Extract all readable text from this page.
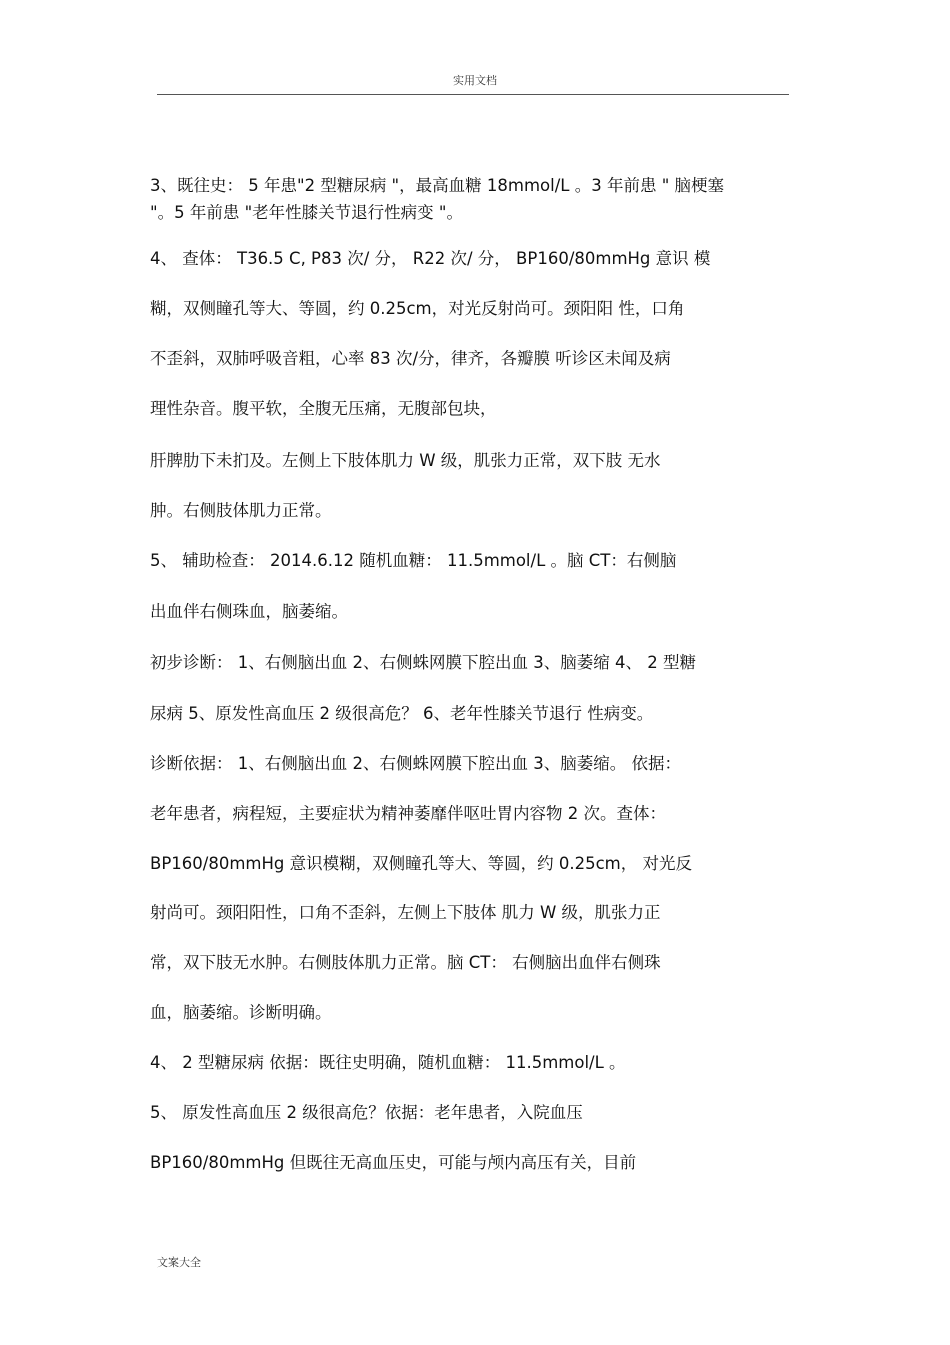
实用文档
3、既往史： 5 年患"2 型糖尿病 "，最高血糖 18mmol/L 。3 年前患 " 脑梗塞
"。5 年前患 "老年性膝关节退行性病变 "。
4、 查体： T36.5 C, P83 次/ 分， R22 次/ 分， BP160/80mmHg 意识 模
糊，双侧瞳孔等大、等圆，约 0.25cm，对光反射尚可。颈阳阳 性，口角
不歪斜，双肺呼吸音粗，心率 83 次/分，律齐，各瓣膜 听诊区未闻及病
理性杂音。腹平软，全腹无压痛，无腹部包块，
肝脾肋下未扪及。左侧上下肢体肌力 W 级，肌张力正常，双下肢 无水
肿。右侧肢体肌力正常。
5、 辅助检查： 2014.6.12 随机血糖： 11.5mmol/L 。脑 CT：右侧脑
出血伴右侧珠血，脑萎缩。
初步诊断： 1、右侧脑出血 2、右侧蛛网膜下腔出血 3、脑萎缩 4、 2 型糖
尿病 5、原发性高血压 2 级很高危？ 6、老年性膝关节退行 性病变。
诊断依据： 1、右侧脑出血 2、右侧蛛网膜下腔出血 3、脑萎缩。 依据：
老年患者，病程短，主要症状为精神萎靡伴呕吐胃内容物 2 次。查体：
BP160/80mmHg 意识模糊，双侧瞳孔等大、等圆，约 0.25cm， 对光反
射尚可。颈阳阳性，口角不歪斜，左侧上下肢体 肌力 W 级，肌张力正
常，双下肢无水肿。右侧肢体肌力正常。脑 CT： 右侧脑出血伴右侧珠
血，脑萎缩。诊断明确。
4、 2 型糖尿病 依据：既往史明确，随机血糖： 11.5mmol/L 。
5、 原发性高血压 2 级很高危？依据：老年患者，入院血压
BP160/80mmHg 但既往无高血压史，可能与颅内高压有关，目前
文案大全
